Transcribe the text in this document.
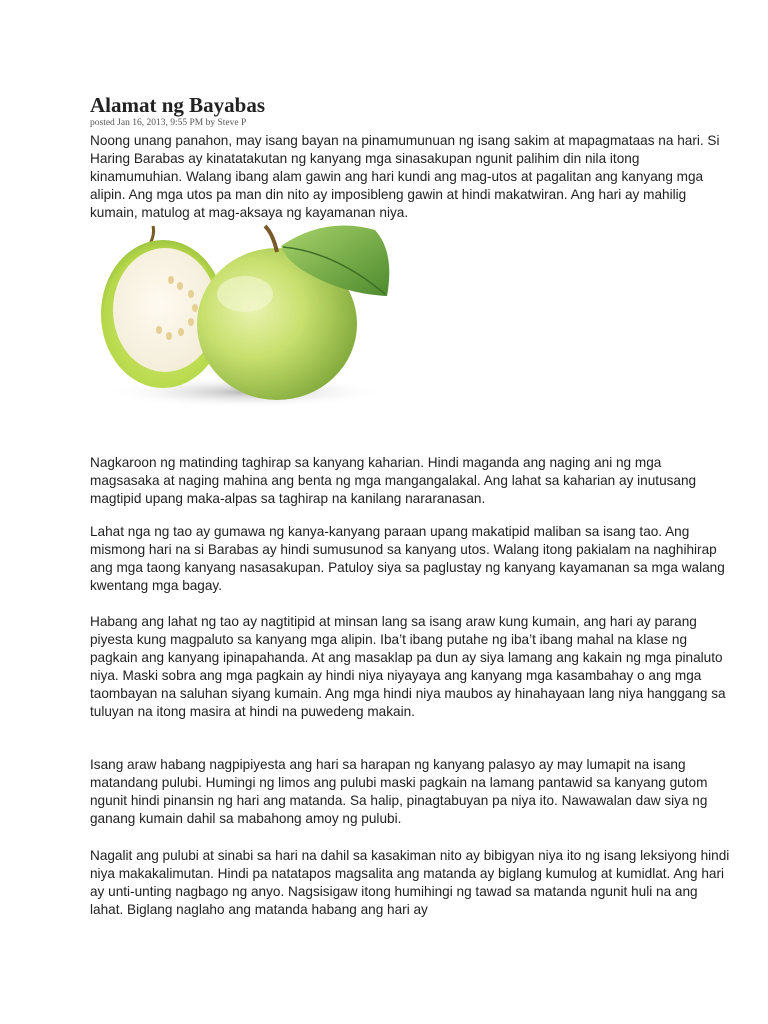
Alamat ng Bayabas
posted Jan 16, 2013, 9:55 PM by Steve P

Noong unang panahon, may isang bayan na pinamumunuan ng isang sakim at mapagmataas na hari. Si Haring Barabas ay kinatatakutan ng kanyang mga sinasakupan ngunit palihim din nila itong kinamumuhian. Walang ibang alam gawin ang hari kundi ang mag-utos at pagalitan ang kanyang mga alipin. Ang mga utos pa man din nito ay imposibleng gawin at hindi makatwiran. Ang hari ay mahilig kumain, matulog at mag-aksaya ng kayamanan niya.

Nagkaroon ng matinding taghirap sa kanyang kaharian. Hindi maganda ang naging ani ng mga magsasaka at naging mahina ang benta ng mga mangangalakal. Ang lahat sa kaharian ay inutusang magtipid upang maka-alpas sa taghirap na kanilang nararanasan.

Lahat nga ng tao ay gumawa ng kanya-kanyang paraan upang makatipid maliban sa isang tao. Ang mismong hari na si Barabas ay hindi sumusunod sa kanyang utos. Walang itong pakialam na naghihirap ang mga taong kanyang nasasakupan. Patuloy siya sa paglustay ng kanyang kayamanan sa mga walang kwentang mga bagay.

Habang ang lahat ng tao ay nagtitipid at minsan lang sa isang araw kung kumain, ang hari ay parang piyesta kung magpaluto sa kanyang mga alipin. Iba’t ibang putahe ng iba’t ibang mahal na klase ng pagkain ang kanyang ipinapahanda. At ang masaklap pa dun ay siya lamang ang kakain ng mga pinaluto niya. Maski sobra ang mga pagkain ay hindi niya niyayaya ang kanyang mga kasambahay o ang mga taombayan na saluhan siyang kumain. Ang mga hindi niya maubos ay hinahayaan lang niya hanggang sa tuluyan na itong masira at hindi na puwedeng makain.

Isang araw habang nagpipiyesta ang hari sa harapan ng kanyang palasyo ay may lumapit na isang matandang pulubi. Humingi ng limos ang pulubi maski pagkain na lamang pantawid sa kanyang gutom ngunit hindi pinansin ng hari ang matanda. Sa halip, pinagtabuyan pa niya ito. Nawawalan daw siya ng ganang kumain dahil sa mabahong amoy ng pulubi.

Nagalit ang pulubi at sinabi sa hari na dahil sa kasakiman nito ay bibigyan niya ito ng isang leksiyong hindi niya makakalimutan. Hindi pa natatapos magsalita ang matanda ay biglang kumulog at kumidlat. Ang hari ay unti-unting nagbago ng anyo. Nagsisigaw itong humihingi ng tawad sa matanda ngunit huli na ang lahat. Biglang naglaho ang matanda habang ang hari ay
